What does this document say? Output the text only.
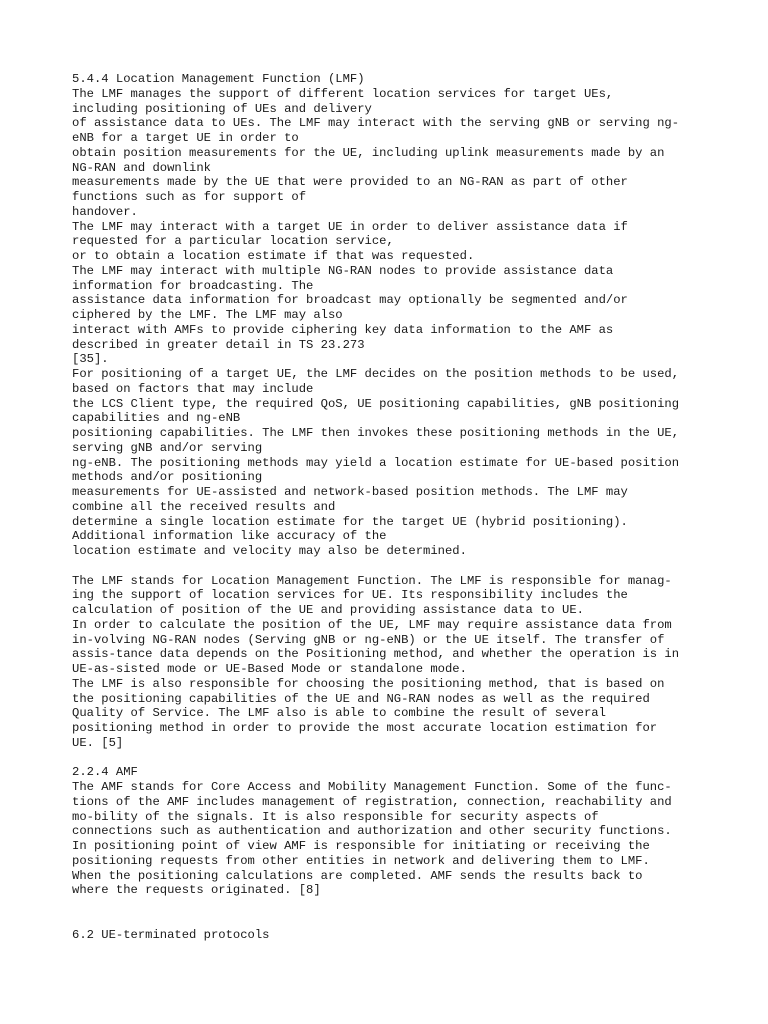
5.4.4 Location Management Function (LMF)
The LMF manages the support of different location services for target UEs,
including positioning of UEs and delivery
of assistance data to UEs. The LMF may interact with the serving gNB or serving ng-
eNB for a target UE in order to
obtain position measurements for the UE, including uplink measurements made by an
NG-RAN and downlink
measurements made by the UE that were provided to an NG-RAN as part of other
functions such as for support of
handover.
The LMF may interact with a target UE in order to deliver assistance data if
requested for a particular location service,
or to obtain a location estimate if that was requested.
The LMF may interact with multiple NG-RAN nodes to provide assistance data
information for broadcasting. The
assistance data information for broadcast may optionally be segmented and/or
ciphered by the LMF. The LMF may also
interact with AMFs to provide ciphering key data information to the AMF as
described in greater detail in TS 23.273
[35].
For positioning of a target UE, the LMF decides on the position methods to be used,
based on factors that may include
the LCS Client type, the required QoS, UE positioning capabilities, gNB positioning
capabilities and ng-eNB
positioning capabilities. The LMF then invokes these positioning methods in the UE,
serving gNB and/or serving
ng-eNB. The positioning methods may yield a location estimate for UE-based position
methods and/or positioning
measurements for UE-assisted and network-based position methods. The LMF may
combine all the received results and
determine a single location estimate for the target UE (hybrid positioning).
Additional information like accuracy of the
location estimate and velocity may also be determined.
The LMF stands for Location Management Function. The LMF is responsible for manag-
ing the support of location services for UE. Its responsibility includes the
calculation of position of the UE and providing assistance data to UE.
In order to calculate the position of the UE, LMF may require assistance data from
in-volving NG-RAN nodes (Serving gNB or ng-eNB) or the UE itself. The transfer of
assis-tance data depends on the Positioning method, and whether the operation is in
UE-as-sisted mode or UE-Based Mode or standalone mode.
The LMF is also responsible for choosing the positioning method, that is based on
the positioning capabilities of the UE and NG-RAN nodes as well as the required
Quality of Service. The LMF also is able to combine the result of several
positioning method in order to provide the most accurate location estimation for
UE. [5]
2.2.4 AMF
The AMF stands for Core Access and Mobility Management Function. Some of the func-
tions of the AMF includes management of registration, connection, reachability and
mo-bility of the signals. It is also responsible for security aspects of
connections such as authentication and authorization and other security functions.
In positioning point of view AMF is responsible for initiating or receiving the
positioning requests from other entities in network and delivering them to LMF.
When the positioning calculations are completed. AMF sends the results back to
where the requests originated. [8]
6.2 UE-terminated protocols
